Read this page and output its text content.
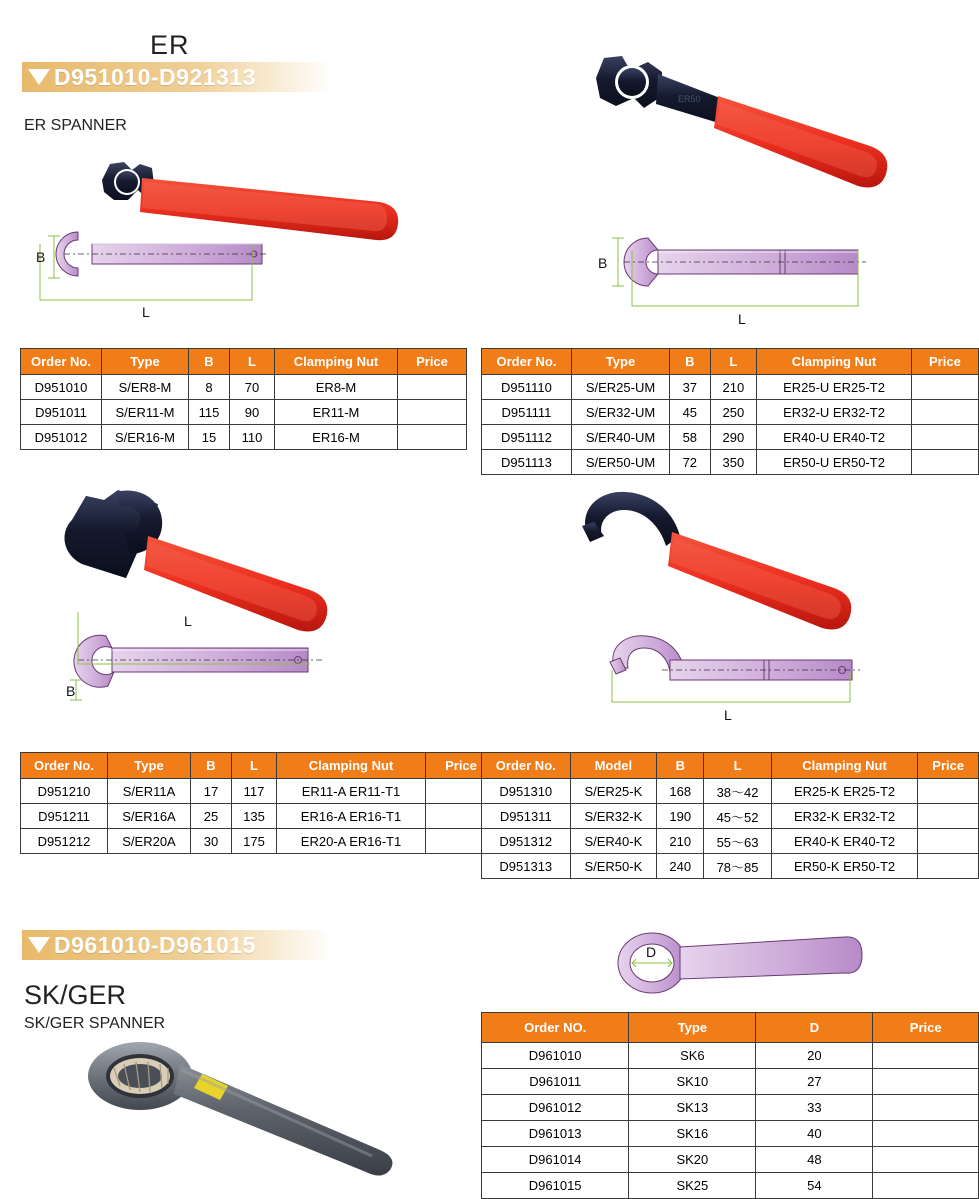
ER
D951010-D921313
ER SPANNER
B
L
ER50
B
L
Order No.	Type	B	L	Clamping Nut	Price
D951010	S/ER8-M	8	70	ER8-M	
D951011	S/ER11-M	115	90	ER11-M	
D951012	S/ER16-M	15	110	ER16-M	
Order No.	Type	B	L	Clamping Nut	Price
D951110	S/ER25-UM	37	210	ER25-U ER25-T2	
D951111	S/ER32-UM	45	250	ER32-U ER32-T2	
D951112	S/ER40-UM	58	290	ER40-U ER40-T2	
D951113	S/ER50-UM	72	350	ER50-U ER50-T2	
L
B
L
Order No.	Type	B	L	Clamping Nut	Price
D951210	S/ER11A	17	117	ER11-A ER11-T1	
D951211	S/ER16A	25	135	ER16-A ER16-T1	
D951212	S/ER20A	30	175	ER20-A ER16-T1	
Order No.	Model	B	L	Clamping Nut	Price
D951310	S/ER25-K	168	38～42	ER25-K ER25-T2	
D951311	S/ER32-K	190	45～52	ER32-K ER32-T2	
D951312	S/ER40-K	210	55～63	ER40-K ER40-T2	
D951313	S/ER50-K	240	78～85	ER50-K ER50-T2	
D961010-D961015
SK/GER
SK/GER SPANNER
D
Order NO.	Type	D	Price
D961010	SK6	20	
D961011	SK10	27	
D961012	SK13	33	
D961013	SK16	40	
D961014	SK20	48	
D961015	SK25	54	
